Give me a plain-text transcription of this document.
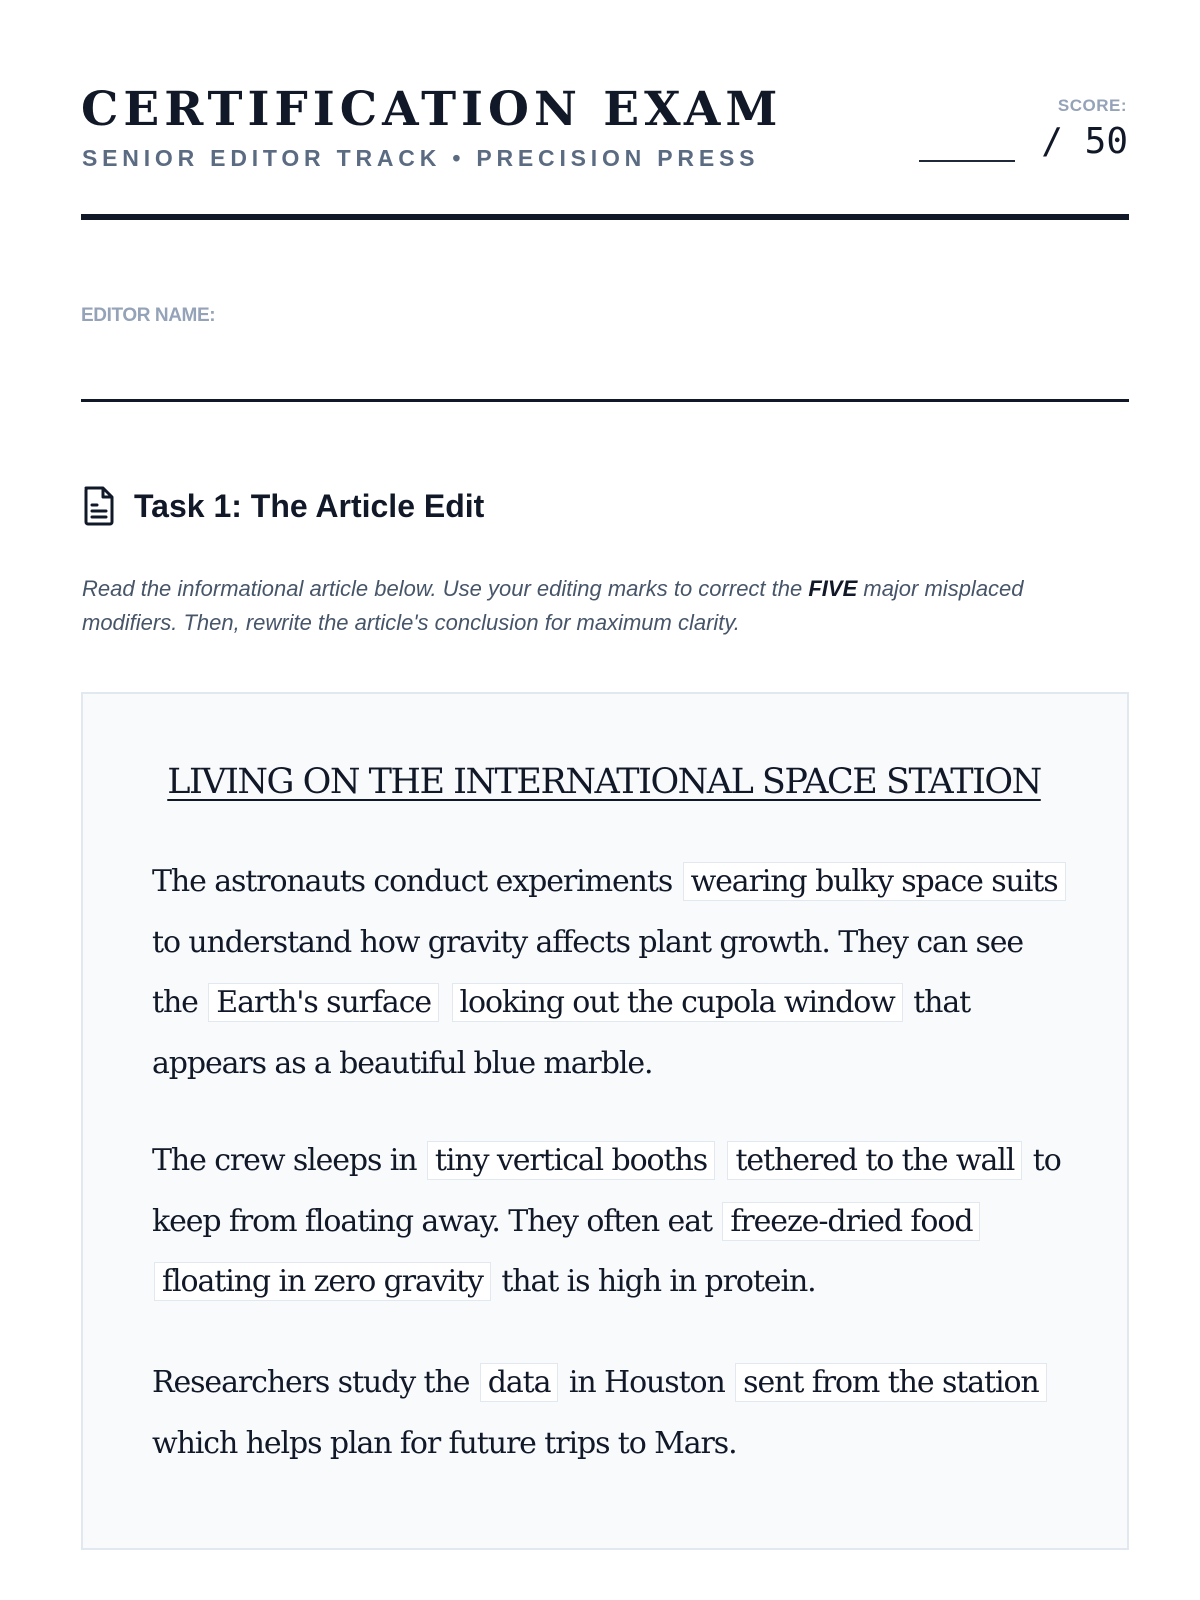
CERTIFICATION EXAM
SENIOR EDITOR TRACK • PRECISION PRESS
SCORE:
/ 50
EDITOR NAME:
Task 1: The Article Edit

Read the informational article below. Use your editing marks to correct the FIVE major misplaced modifiers. Then, rewrite the article's conclusion for maximum clarity.

LIVING ON THE INTERNATIONAL SPACE STATION

The astronauts conduct experiments wearing bulky space suits to understand how gravity affects plant growth. They can see the Earth's surface looking out the cupola window that appears as a beautiful blue marble.

The crew sleeps in tiny vertical booths tethered to the wall to keep from floating away. They often eat freeze-dried food floating in zero gravity that is high in protein.

Researchers study the data in Houston sent from the station which helps plan for future trips to Mars.
